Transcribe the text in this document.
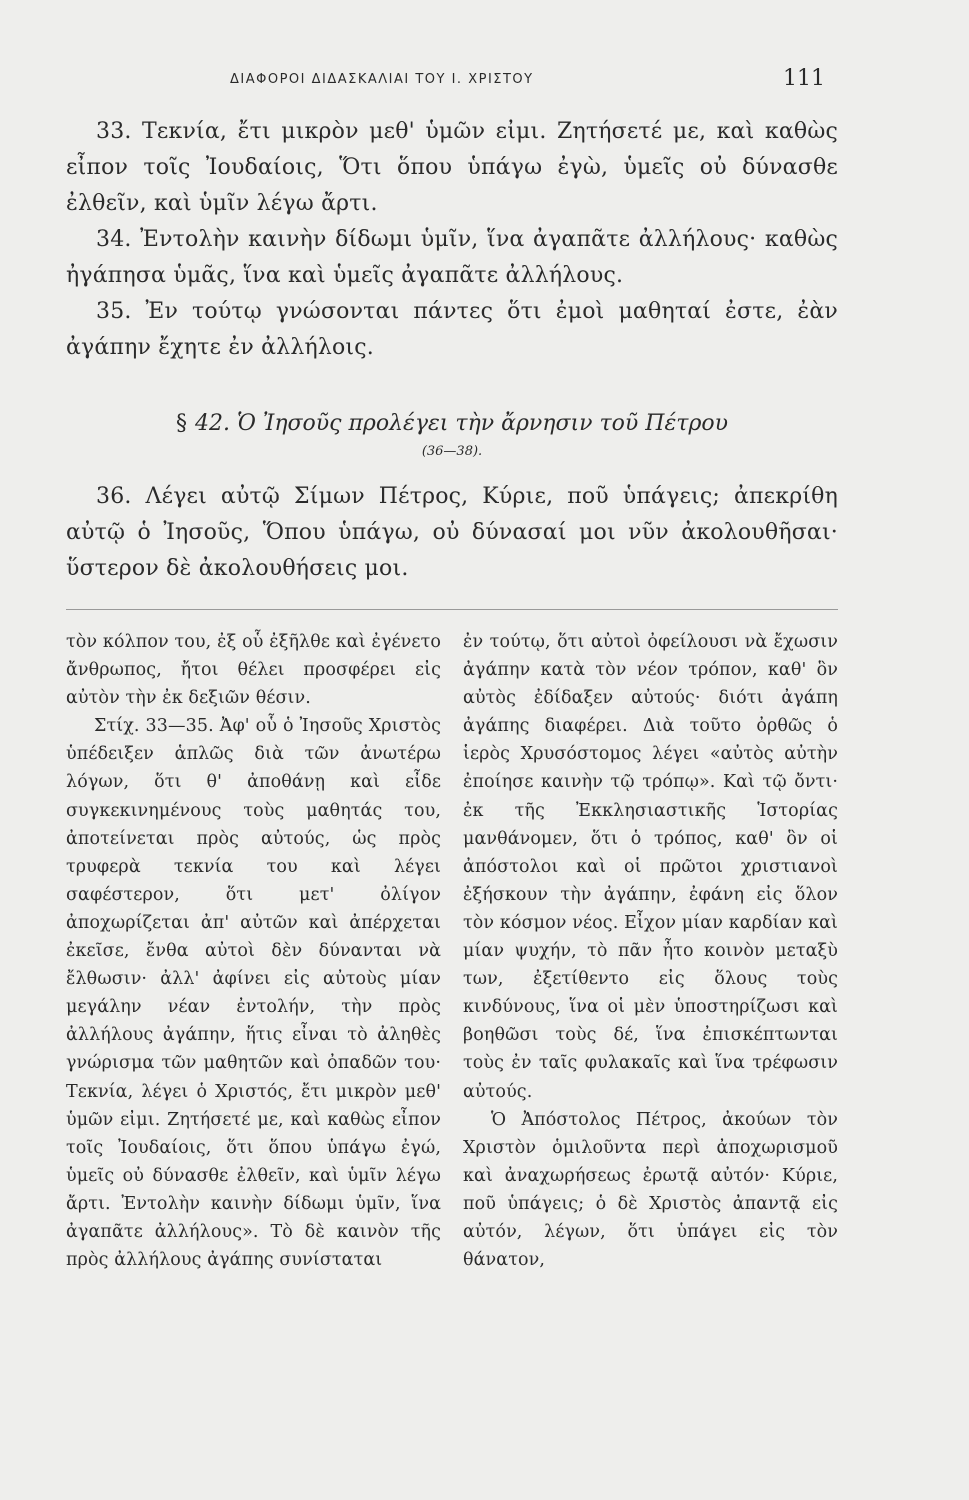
ΔΙΑΦΟΡΟΙ ΔΙΔΑΣΚΑΛΙΑΙ ΤΟΥ Ι. ΧΡΙΣΤΟΥ	111

33. Τεκνία, ἔτι μικρὸν μεθ' ὑμῶν εἰμι. Ζητήσετέ με, καὶ καθὼς εἶπον τοῖς Ἰουδαίοις, Ὅτι ὅπου ὑπάγω ἐγὼ, ὑμεῖς οὐ δύνασθε ἐλθεῖν, καὶ ὑμῖν λέγω ἄρτι.

34. Ἐντολὴν καινὴν δίδωμι ὑμῖν, ἵνα ἀγαπᾶτε ἀλλήλους· καθὼς ἠγάπησα ὑμᾶς, ἵνα καὶ ὑμεῖς ἀγαπᾶτε ἀλλήλους.

35. Ἐν τούτῳ γνώσονται πάντες ὅτι ἐμοὶ μαθηταί ἐστε, ἐὰν ἀγάπην ἔχητε ἐν ἀλλήλοις.

§ 42. Ὁ Ἰησοῦς προλέγει τὴν ἄρνησιν τοῦ Πέτρου
(36—38).

36. Λέγει αὐτῷ Σίμων Πέτρος, Κύριε, ποῦ ὑπάγεις; ἀπεκρίθη αὐτῷ ὁ Ἰησοῦς, Ὅπου ὑπάγω, οὐ δύνασαί μοι νῦν ἀκολουθῆσαι· ὕστερον δὲ ἀκολουθήσεις μοι.

τὸν κόλπον του, ἐξ οὗ ἐξῆλθε καὶ ἐγένετο ἄνθρωπος, ἤτοι θέλει προσφέρει εἰς αὐτὸν τὴν ἐκ δεξιῶν θέσιν.

Στίχ. 33—35. Ἀφ' οὗ ὁ Ἰησοῦς Χριστὸς ὑπέδειξεν ἁπλῶς διὰ τῶν ἀνωτέρω λόγων, ὅτι θ' ἀποθάνῃ καὶ εἶδε συγκεκινημένους τοὺς μαθητάς του, ἀποτείνεται πρὸς αὐτούς, ὡς πρὸς τρυφερὰ τεκνία του καὶ λέγει σαφέστερον, ὅτι μετ' ὀλίγον ἀποχωρίζεται ἀπ' αὐτῶν καὶ ἀπέρχεται ἐκεῖσε, ἔνθα αὐτοὶ δὲν δύνανται νὰ ἔλθωσιν· ἀλλ' ἀφίνει εἰς αὐτοὺς μίαν μεγάλην νέαν ἐντολήν, τὴν πρὸς ἀλλήλους ἀγάπην, ἥτις εἶναι τὸ ἀληθὲς γνώρισμα τῶν μαθητῶν καὶ ὀπαδῶν του· Τεκνία, λέγει ὁ Χριστός, ἔτι μικρὸν μεθ' ὑμῶν εἰμι. Ζητήσετέ με, καὶ καθὼς εἶπον τοῖς Ἰουδαίοις, ὅτι ὅπου ὑπάγω ἐγώ, ὑμεῖς οὐ δύνασθε ἐλθεῖν, καὶ ὑμῖν λέγω ἄρτι. Ἐντολὴν καινὴν δίδωμι ὑμῖν, ἵνα ἀγαπᾶτε ἀλλήλους». Τὸ δὲ καινὸν τῆς πρὸς ἀλλήλους ἀγάπης συνίσταται

ἐν τούτῳ, ὅτι αὐτοὶ ὀφείλουσι νὰ ἔχωσιν ἀγάπην κατὰ τὸν νέον τρόπον, καθ' ὃν αὐτὸς ἐδίδαξεν αὐτούς· διότι ἀγάπη ἀγάπης διαφέρει. Διὰ τοῦτο ὀρθῶς ὁ ἱερὸς Χρυσόστομος λέγει «αὐτὸς αὐτὴν ἐποίησε καινὴν τῷ τρόπῳ». Καὶ τῷ ὄντι· ἐκ τῆς Ἐκκλησιαστικῆς Ἱστορίας μανθάνομεν, ὅτι ὁ τρόπος, καθ' ὃν οἱ ἀπόστολοι καὶ οἱ πρῶτοι χριστιανοὶ ἐξήσκουν τὴν ἀγάπην, ἐφάνη εἰς ὅλον τὸν κόσμον νέος. Εἶχον μίαν καρδίαν καὶ μίαν ψυχήν, τὸ πᾶν ἦτο κοινὸν μεταξὺ των, ἐξετίθεντο εἰς ὅλους τοὺς κινδύνους, ἵνα οἱ μὲν ὑποστηρίζωσι καὶ βοηθῶσι τοὺς δέ, ἵνα ἐπισκέπτωνται τοὺς ἐν ταῖς φυλακαῖς καὶ ἵνα τρέφωσιν αὐτούς.

Ὁ Ἀπόστολος Πέτρος, ἀκούων τὸν Χριστὸν ὁμιλοῦντα περὶ ἀποχωρισμοῦ καὶ ἀναχωρήσεως ἐρωτᾷ αὐτόν· Κύριε, ποῦ ὑπάγεις; ὁ δὲ Χριστὸς ἀπαντᾷ εἰς αὐτόν, λέγων, ὅτι ὑπάγει εἰς τὸν θάνατον,
